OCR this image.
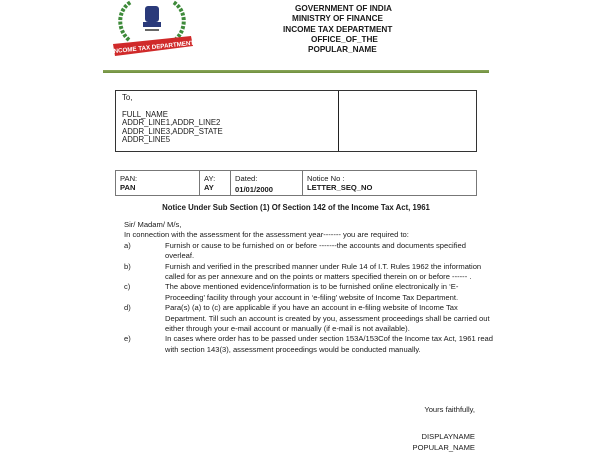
INCOME TAX DEPARTMENT
GOVERNMENT OF INDIA
MINISTRY OF FINANCE
INCOME TAX DEPARTMENT
OFFICE_OF_THE
POPULAR_NAME
To,
FULL_NAME
ADDR_LINE1,ADDR_LINE2
ADDR_LINE3,ADDR_STATE
ADDR_LINE5
PAN:
PAN
AY:
AY
Dated:
01/01/2000
Notice No :
LETTER_SEQ_NO
Notice Under Sub Section (1) Of Section 142 of the Income Tax Act, 1961
Sir/ Madam/ M/s,
In connection with the assessment for the assessment year------- you are required to:
a)	Furnish or cause to be furnished on or before -------the accounts and documents specified overleaf.
b)	Furnish and verified in the prescribed manner under Rule 14 of I.T. Rules 1962 the information called for as per annexure and on the points or matters specified therein on or before ------ .
c)	The above mentioned evidence/information is to be furnished online electronically in ‘E-Proceeding’ facility through your account in ‘e-filing’ website of Income Tax Department.
d)	Para(s) (a) to (c) are applicable if you have an account in e-filing website of Income Tax Department. Till such an account is created by you, assessment proceedings shall be carried out either through your e-mail account or manually (if e-mail is not available).
e)	In cases where order has to be passed under section 153A/153Cof the Income tax Act, 1961 read with section 143(3), assessment proceedings would be conducted manually.
Yours faithfully,
DISPLAYNAME
POPULAR_NAME
